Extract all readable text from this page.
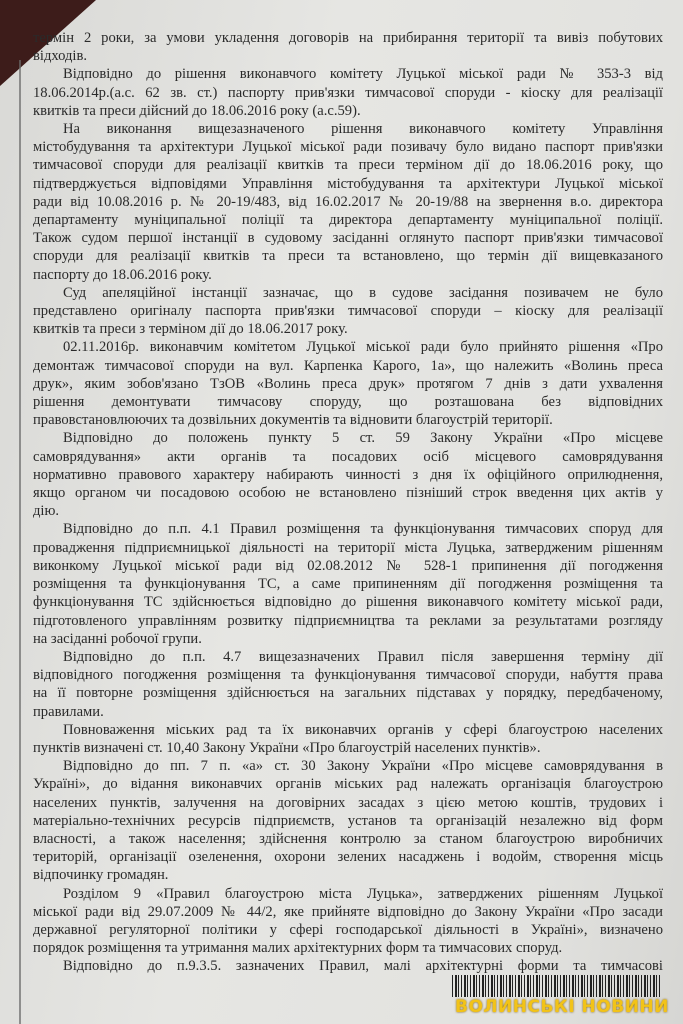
термін 2 роки, за умови укладення договорів на прибирання території та вивіз побутових
відходів.
Відповідно до рішення виконавчого комітету Луцької міської ради № 353-3 від
18.06.2014р.(а.с. 62 зв. ст.) паспорту прив'язки тимчасової споруди - кіоску для реалізації
квитків та преси дійсний до 18.06.2016 року (а.с.59).
На виконання вищезазначеного рішення виконавчого комітету Управління
містобудування та архітектури Луцької міської ради позивачу було видано паспорт прив'язки
тимчасової споруди для реалізації квитків та преси терміном дії до 18.06.2016 року, що
підтверджується відповідями Управління містобудування та архітектури Луцької міської
ради від 10.08.2016 р. № 20-19/483, від 16.02.2017 № 20-19/88 на звернення в.о. директора
департаменту муніципальної поліції та директора департаменту муніципальної поліції.
Також судом першої інстанції в судовому засіданні оглянуто паспорт прив'язки тимчасової
споруди для реалізації квитків та преси та встановлено, що термін дії вищевказаного
паспорту до 18.06.2016 року.
Суд апеляційної інстанції зазначає, що в судове засідання позивачем не було
представлено оригіналу паспорта прив'язки тимчасової споруди – кіоску для реалізації
квитків та преси з терміном дії до 18.06.2017 року.
02.11.2016р. виконавчим комітетом Луцької міської ради було прийнято рішення «Про
демонтаж тимчасової споруди на вул. Карпенка Карого, 1а», що належить «Волинь преса
друк», яким зобов'язано ТзОВ «Волинь преса друк» протягом 7 днів з дати ухвалення
рішення демонтувати тимчасову споруду, що розташована без відповідних
правовстановлюючих та дозвільних документів та відновити благоустрій території.
Відповідно до положень пункту 5 ст. 59 Закону України «Про місцеве
самоврядування» акти органів та посадових осіб місцевого самоврядування
нормативно правового характеру набирають чинності з дня їх офіційного оприлюднення,
якщо органом чи посадовою особою не встановлено пізніший строк введення цих актів у
дію.
Відповідно до п.п. 4.1 Правил розміщення та функціонування тимчасових споруд для
провадження підприємницької діяльності на території міста Луцька, затвердженим рішенням
виконкому Луцької міської ради від 02.08.2012 № 528-1 припинення дії погодження
розміщення та функціонування ТС, а саме припиненням дії погодження розміщення та
функціонування ТС здійснюється відповідно до рішення виконавчого комітету міської ради,
підготовленого управлінням розвитку підприємництва та реклами за результатами розгляду
на засіданні робочої групи.
Відповідно до п.п. 4.7 вищезазначених Правил після завершення терміну дії
відповідного погодження розміщення та функціонування тимчасової споруди, набуття права
на її повторне розміщення здійснюється на загальних підставах у порядку, передбаченому,
правилами.
Повноваження міських рад та їх виконавчих органів у сфері благоустрою населених
пунктів визначені ст. 10,40 Закону України «Про благоустрій населених пунктів».
Відповідно до пп. 7 п. «а» ст. 30 Закону України «Про місцеве самоврядування в
Україні», до відання виконавчих органів міських рад належать організація благоустрою
населених пунктів, залучення на договірних засадах з цією метою коштів, трудових і
матеріально-технічних ресурсів підприємств, установ та організацій незалежно від форм
власності, а також населення; здійснення контролю за станом благоустрою виробничих
територій, організації озеленення, охорони зелених насаджень і водойм, створення місць
відпочинку громадян.
Розділом 9 «Правил благоустрою міста Луцька», затверджених рішенням Луцької
міської ради від 29.07.2009 № 44/2, яке прийняте відповідно до Закону України «Про засади
державної регуляторної політики у сфері господарської діяльності в Україні», визначено
порядок розміщення та утримання малих архітектурних форм та тимчасових споруд.
Відповідно до п.9.3.5. зазначених Правил, малі архітектурні форми та тимчасові
ВОЛИНСЬКІ НОВИНИ
